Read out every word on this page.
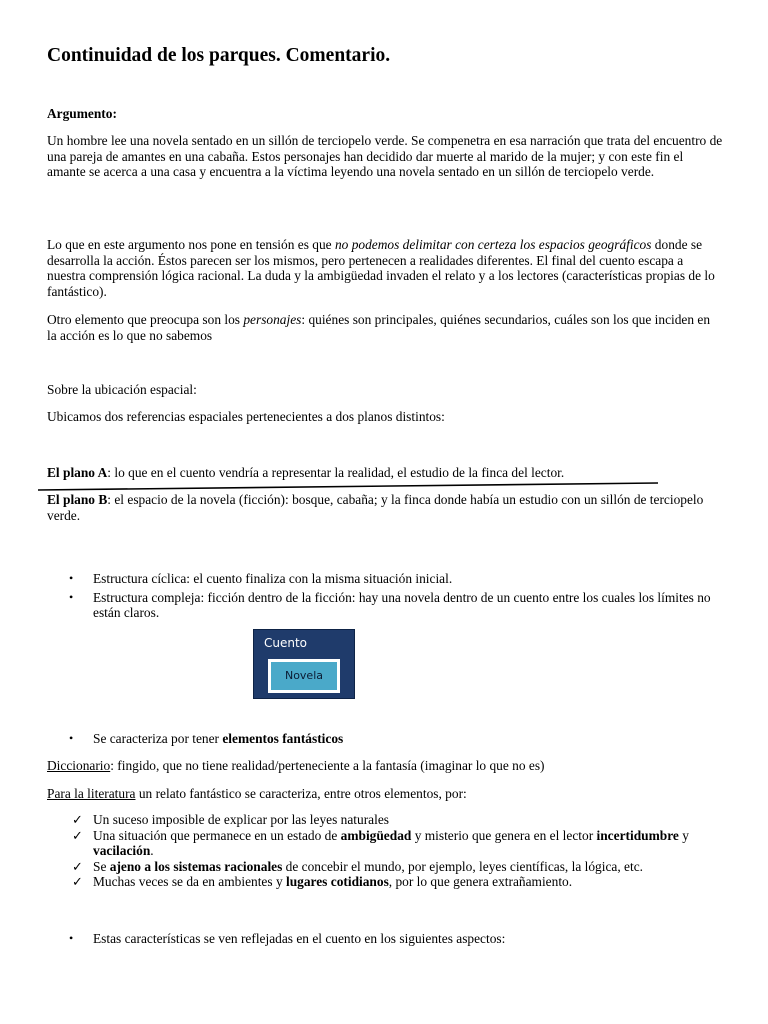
Continuidad de los parques. Comentario.

Argumento:

Un hombre lee una novela sentado en un sillón de terciopelo verde. Se compenetra en esa narración que trata del encuentro de una pareja de amantes en una cabaña. Estos personajes han decidido dar muerte al marido de la mujer; y con este fin el amante se acerca a una casa y encuentra a la víctima leyendo una novela sentado en un sillón de terciopelo verde.

Lo que en este argumento nos pone en tensión es que no podemos delimitar con certeza los espacios geográficos donde se desarrolla la acción. Éstos parecen ser los mismos, pero pertenecen a realidades diferentes. El final del cuento escapa a nuestra comprensión lógica racional. La duda y la ambigüedad invaden el relato y a los lectores (características propias de lo fantástico).

Otro elemento que preocupa son los personajes: quiénes son principales, quiénes secundarios, cuáles son los que inciden en la acción es lo que no sabemos

Sobre la ubicación espacial:

Ubicamos dos referencias espaciales pertenecientes a dos planos distintos:

El plano A: lo que en el cuento vendría a representar la realidad, el estudio de la finca del lector.

El plano B: el espacio de la novela (ficción): bosque, cabaña; y la finca donde había un estudio con un sillón de terciopelo verde.

• Estructura cíclica: el cuento finaliza con la misma situación inicial.
• Estructura compleja: ficción dentro de la ficción: hay una novela dentro de un cuento entre los cuales los límites no están claros.
• Se caracteriza por tener elementos fantásticos

Diccionario: fingido, que no tiene realidad/perteneciente a la fantasía (imaginar lo que no es)

Para la literatura un relato fantástico se caracteriza, entre otros elementos, por:

✓ Un suceso imposible de explicar por las leyes naturales
✓ Una situación que permanece en un estado de ambigüedad y misterio que genera en el lector incertidumbre y vacilación.
✓ Se ajeno a los sistemas racionales de concebir el mundo, por ejemplo, leyes científicas, la lógica, etc.
✓ Muchas veces se da en ambientes y lugares cotidianos, por lo que genera extrañamiento.
• Estas características se ven reflejadas en el cuento en los siguientes aspectos:
Cuento
Novela
